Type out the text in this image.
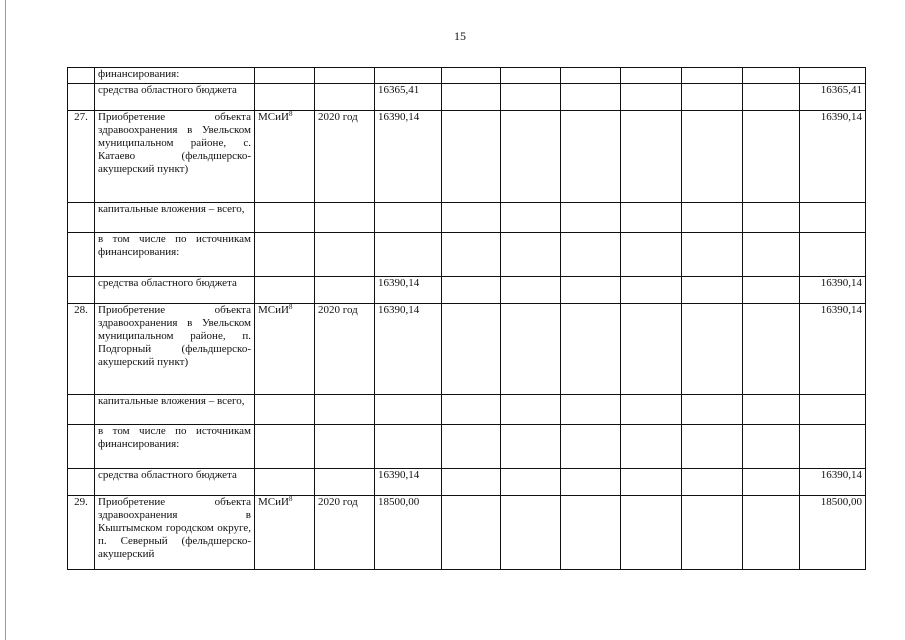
15
	финансирования:										
	средства областного бюджета			16365,41							16365,41
27.	Приобретение объекта здравоохранения в Увельском муниципальном районе, с. Катаево (фельдшерско-акушерский пункт)	МСиИ$^8$	2020 год	16390,14							16390,14
	капитальные вложения – всего,										
	в том числе по источникам финансирования:										
	средства областного бюджета			16390,14							16390,14
28.	Приобретение объекта здравоохранения в Увельском муниципальном районе, п. Подгорный (фельдшерско-акушерский пункт)	МСиИ$^8$	2020 год	16390,14							16390,14
	капитальные вложения – всего,										
	в том числе по источникам финансирования:										
	средства областного бюджета			16390,14							16390,14
29.	Приобретение объекта здравоохранения в Кыштымском городском округе, п. Северный (фельдшерско-акушерский	МСиИ$^8$	2020 год	18500,00							18500,00
